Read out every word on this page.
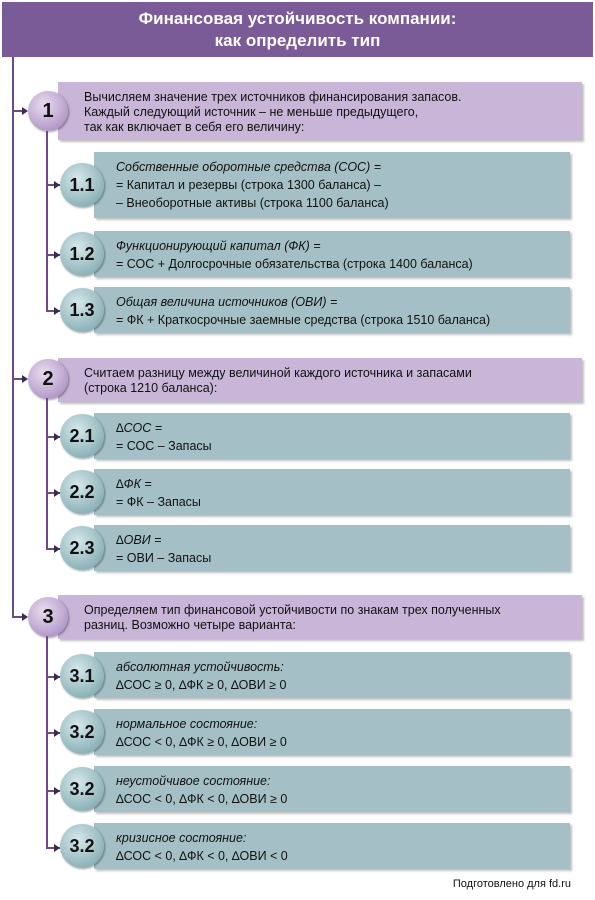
Финансовая устойчивость компании:
как определить тип
Вычисляем значение трех источников финансирования запасов.
Каждый следующий источник – не меньше предыдущего,
так как включает в себя его величину:
1
Собственные оборотные средства (СОС) =
= Капитал и резервы (строка 1300 баланса) –
– Внеоборотные активы (строка 1100 баланса)
1.1
Функционирующий капитал (ФК) =
= СОС + Долгосрочные обязательства (строка 1400 баланса)
1.2
Общая величина источников (ОВИ) =
= ФК + Краткосрочные заемные средства (строка 1510 баланса)
1.3
Считаем разницу между величиной каждого источника и запасами
(строка 1210 баланса):
2
∆СОС =
= СОС – Запасы
2.1
∆ФК =
= ФК – Запасы
2.2
∆ОВИ =
= ОВИ – Запасы
2.3
Определяем тип финансовой устойчивости по знакам трех полученных
разниц. Возможно четыре варианта:
3
абсолютная устойчивость:
∆СОС ≥ 0, ∆ФК ≥ 0, ∆ОВИ ≥ 0
3.1
нормальное состояние:
∆СОС < 0, ∆ФК ≥ 0, ∆ОВИ ≥ 0
3.2
неустойчивое состояние:
∆СОС < 0, ∆ФК < 0, ∆ОВИ ≥ 0
3.2
кризисное состояние:
∆СОС < 0, ∆ФК < 0, ∆ОВИ < 0
3.2
Подготовлено для fd.ru
